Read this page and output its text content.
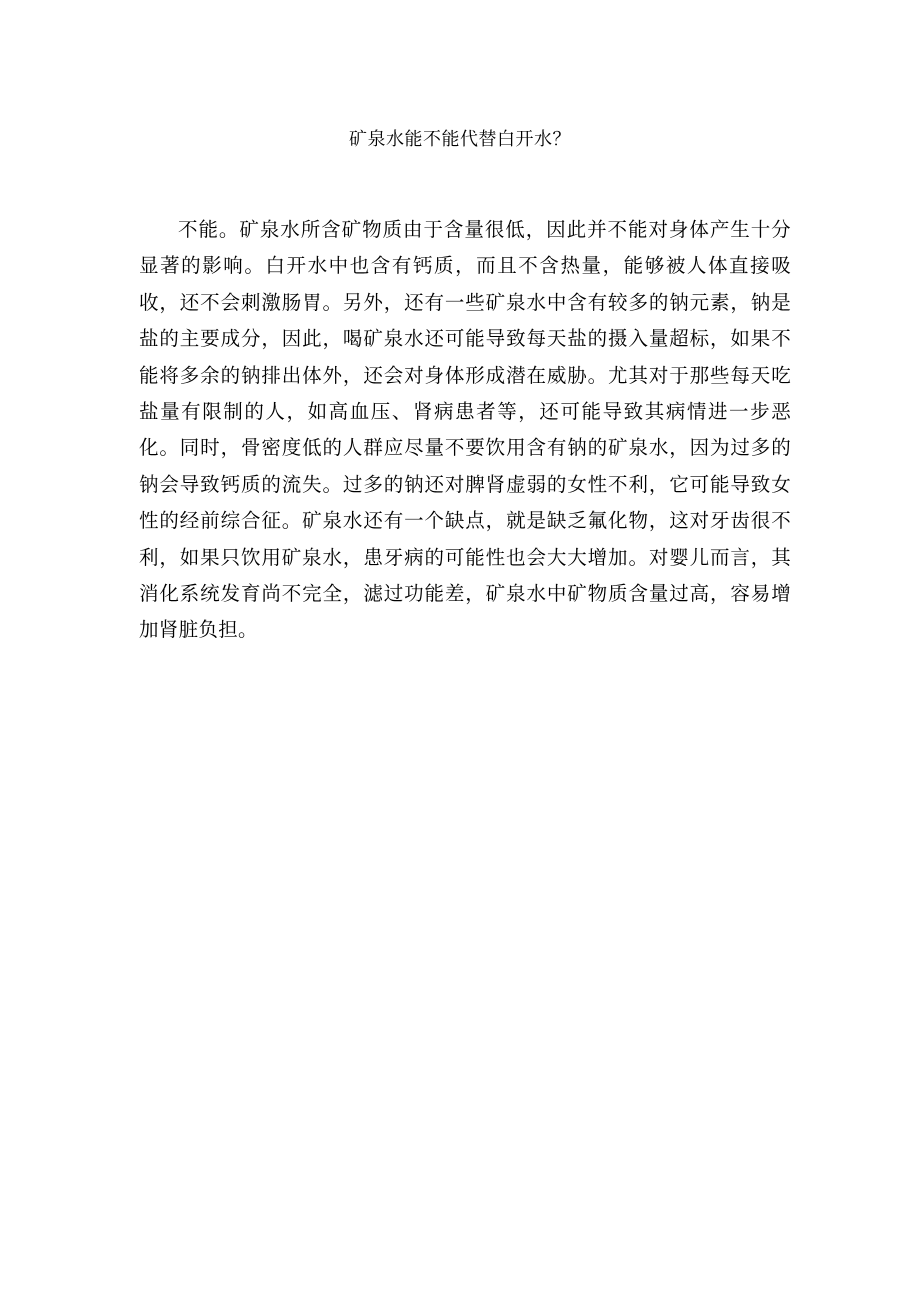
矿泉水能不能代替白开水？

不能。矿泉水所含矿物质由于含量很低，因此并不能对身体产生十分显著的影响。白开水中也含有钙质，而且不含热量，能够被人体直接吸收，还不会刺激肠胃。另外，还有一些矿泉水中含有较多的钠元素，钠是盐的主要成分，因此，喝矿泉水还可能导致每天盐的摄入量超标，如果不能将多余的钠排出体外，还会对身体形成潜在威胁。尤其对于那些每天吃盐量有限制的人，如高血压、肾病患者等，还可能导致其病情进一步恶化。同时，骨密度低的人群应尽量不要饮用含有钠的矿泉水，因为过多的钠会导致钙质的流失。过多的钠还对脾肾虚弱的女性不利，它可能导致女性的经前综合征。矿泉水还有一个缺点，就是缺乏氟化物，这对牙齿很不利，如果只饮用矿泉水，患牙病的可能性也会大大增加。对婴儿而言，其消化系统发育尚不完全，滤过功能差，矿泉水中矿物质含量过高，容易增加肾脏负担。
